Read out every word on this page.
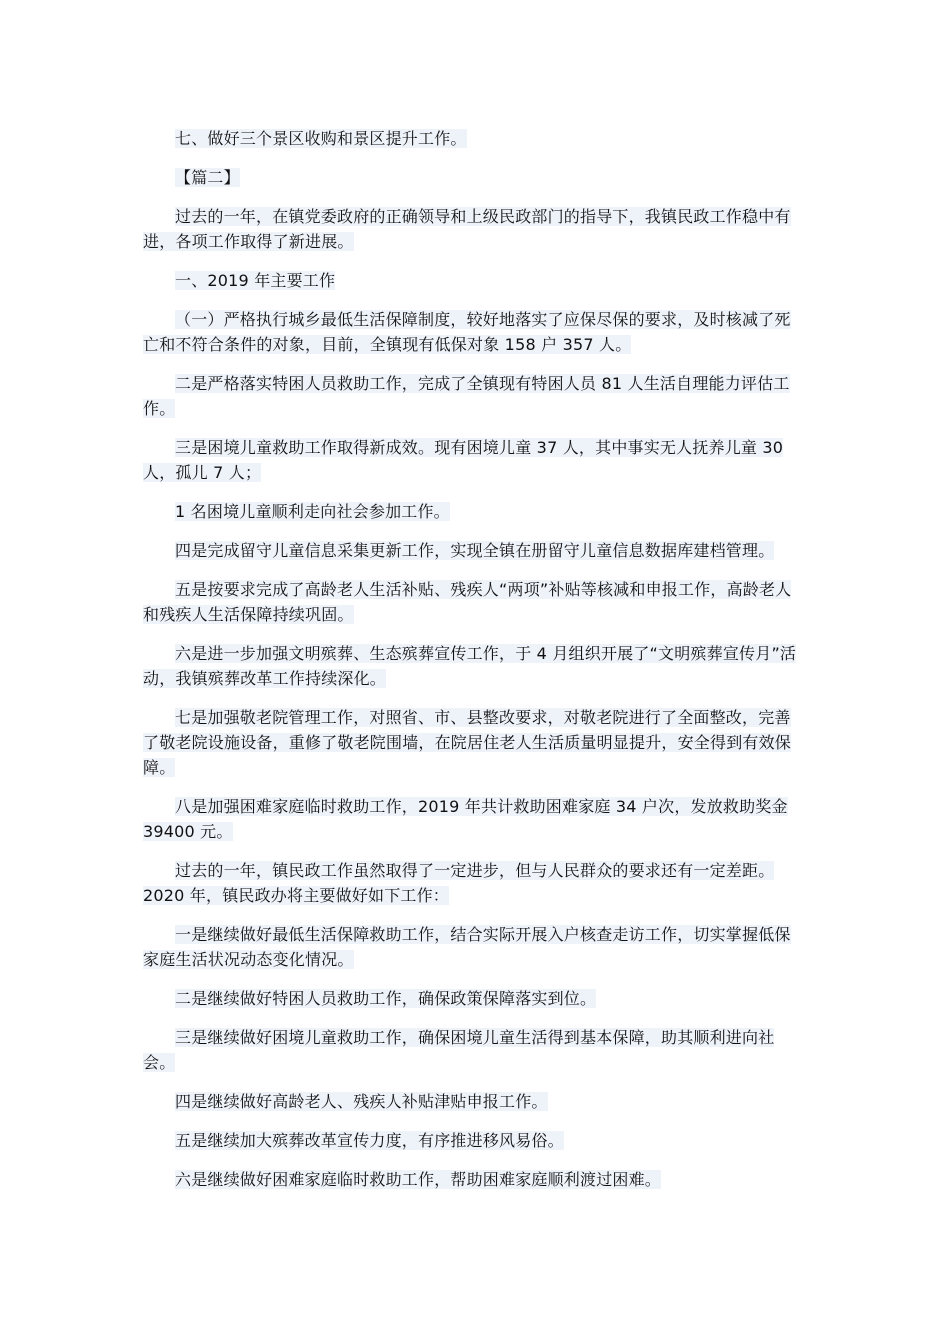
七、做好三个景区收购和景区提升工作。

【篇二】

过去的一年，在镇党委政府的正确领导和上级民政部门的指导下，我镇民政工作稳中有进，各项工作取得了新进展。

一、2019 年主要工作

（一）严格执行城乡最低生活保障制度，较好地落实了应保尽保的要求，及时核减了死亡和不符合条件的对象，目前，全镇现有低保对象 158 户 357 人。

二是严格落实特困人员救助工作，完成了全镇现有特困人员 81 人生活自理能力评估工作。

三是困境儿童救助工作取得新成效。现有困境儿童 37 人，其中事实无人抚养儿童 30 人，孤儿 7 人；

1 名困境儿童顺利走向社会参加工作。

四是完成留守儿童信息采集更新工作，实现全镇在册留守儿童信息数据库建档管理。

五是按要求完成了高龄老人生活补贴、残疾人“两项”补贴等核减和申报工作，高龄老人和残疾人生活保障持续巩固。

六是进一步加强文明殡葬、生态殡葬宣传工作，于 4 月组织开展了“文明殡葬宣传月”活动，我镇殡葬改革工作持续深化。

七是加强敬老院管理工作，对照省、市、县整改要求，对敬老院进行了全面整改，完善了敬老院设施设备，重修了敬老院围墙，在院居住老人生活质量明显提升，安全得到有效保障。

八是加强困难家庭临时救助工作，2019 年共计救助困难家庭 34 户次，发放救助奖金 39400 元。

过去的一年，镇民政工作虽然取得了一定进步，但与人民群众的要求还有一定差距。2020 年，镇民政办将主要做好如下工作：

一是继续做好最低生活保障救助工作，结合实际开展入户核查走访工作，切实掌握低保家庭生活状况动态变化情况。

二是继续做好特困人员救助工作，确保政策保障落实到位。

三是继续做好困境儿童救助工作，确保困境儿童生活得到基本保障，助其顺利进向社会。

四是继续做好高龄老人、残疾人补贴津贴申报工作。

五是继续加大殡葬改革宣传力度，有序推进移风易俗。

六是继续做好困难家庭临时救助工作，帮助困难家庭顺利渡过困难。
